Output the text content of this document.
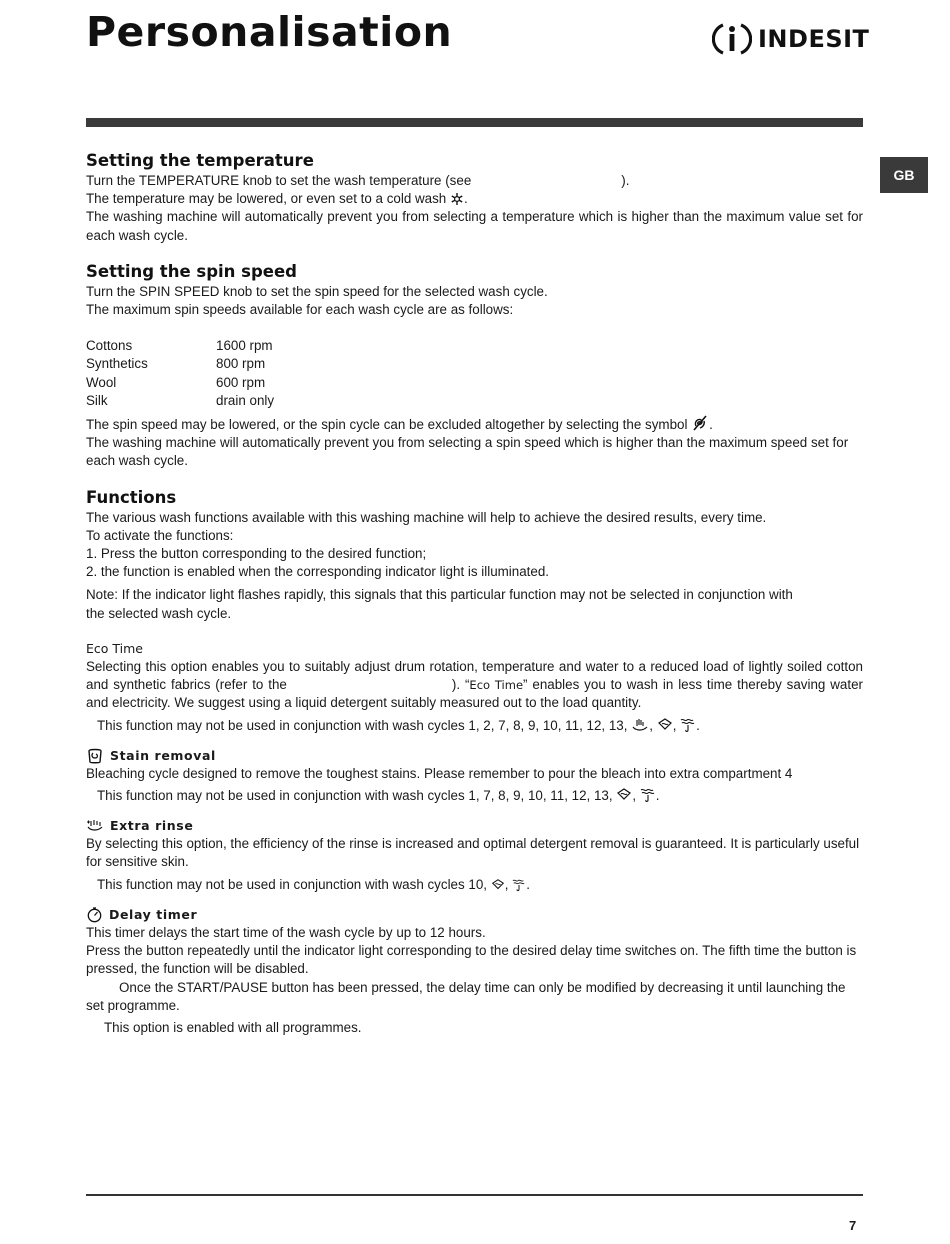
Personalisation	INDESIT
GB
Setting the temperature

Turn the TEMPERATURE knob to set the wash temperature (see	).

The temperature may be lowered, or even set to a cold wash .

The washing machine will automatically prevent you from selecting a temperature which is higher than the maximum value set for each wash cycle.

Setting the spin speed

Turn the SPIN SPEED knob to set the spin speed for the selected wash cycle.

The maximum spin speeds available for each wash cycle are as follows:

Cottons	1600 rpm
Synthetics	800 rpm
Wool	600 rpm
Silk	drain only

The spin speed may be lowered, or the spin cycle can be excluded altogether by selecting the symbol .

The washing machine will automatically prevent you from selecting a spin speed which is higher than the maximum speed set for each wash cycle.

Functions

The various wash functions available with this washing machine will help to achieve the desired results, every time.

To activate the functions:

1. Press the button corresponding to the desired function;

2. the function is enabled when the corresponding indicator light is illuminated.

Note: If the indicator light flashes rapidly, this signals that this particular function may not be selected in conjunction with the selected wash cycle.

Eco Time

Selecting this option enables you to suitably adjust drum rotation, temperature and water to a reduced load of lightly soiled cotton and synthetic fabrics (refer to the	). “Eco Time” enables you to wash in less time thereby saving water and electricity. We suggest using a liquid detergent suitably measured out to the load quantity.

This function may not be used in conjunction with wash cycles 1, 2, 7, 8, 9, 10, 11, 12, 13, , , .

Stain removal

Bleaching cycle designed to remove the toughest stains. Please remember to pour the bleach into extra compartment 4

This function may not be used in conjunction with wash cycles 1, 7, 8, 9, 10, 11, 12, 13, , .

Extra rinse

By selecting this option, the efficiency of the rinse is increased and optimal detergent removal is guaranteed. It is particularly useful for sensitive skin.

This function may not be used in conjunction with wash cycles 10, , .

Delay timer

This timer delays the start time of the wash cycle by up to 12 hours.

Press the button repeatedly until the indicator light corresponding to the desired delay time switches on. The fifth time the button is pressed, the function will be disabled.

Once the START/PAUSE button has been pressed, the delay time can only be modified by decreasing it until launching the set programme.

This option is enabled with all programmes.

7
